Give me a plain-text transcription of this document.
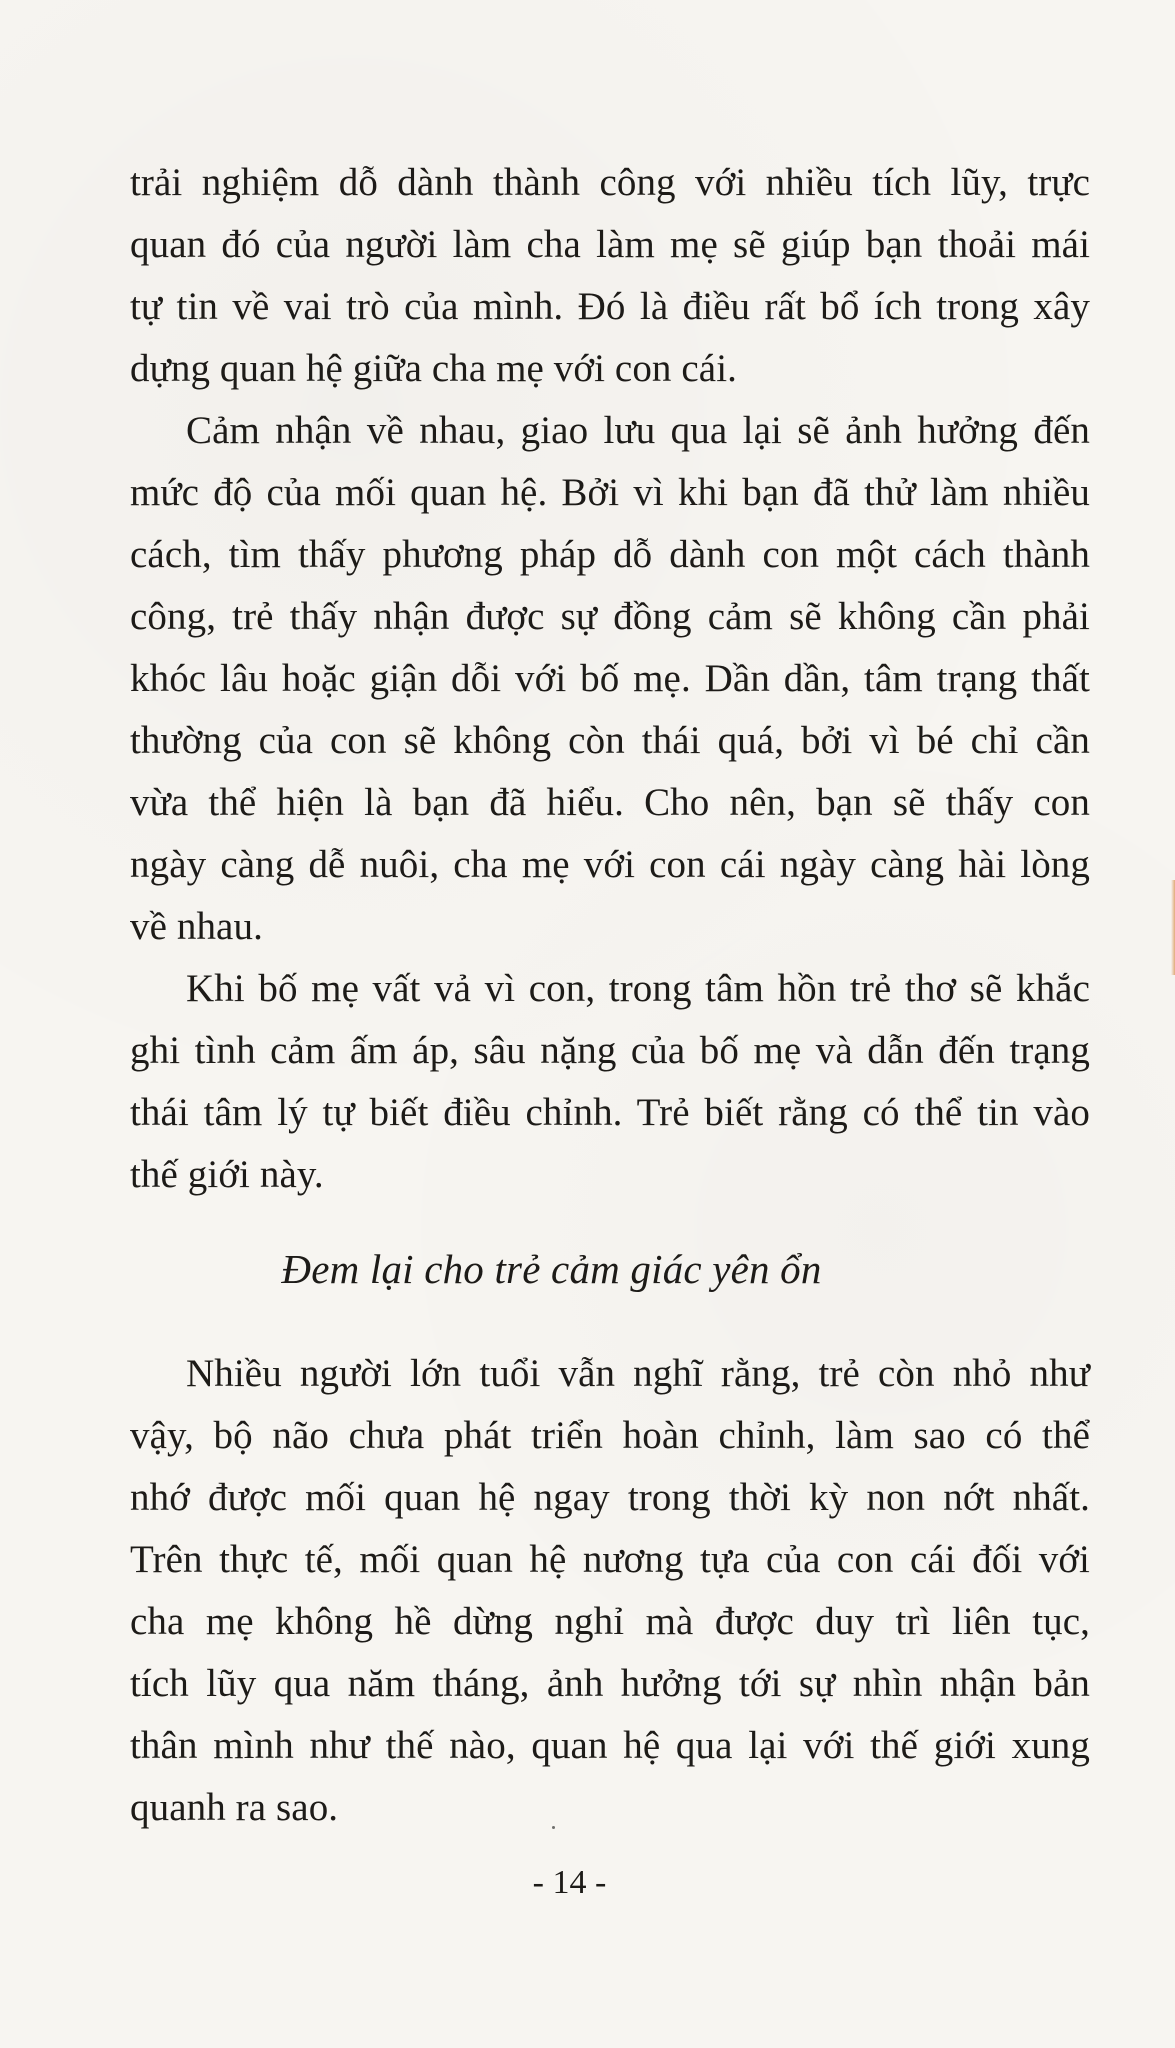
trải nghiệm dỗ dành thành công với nhiều tích lũy, trực
quan đó của người làm cha làm mẹ sẽ giúp bạn thoải mái
tự tin về vai trò của mình. Đó là điều rất bổ ích trong xây
dựng quan hệ giữa cha mẹ với con cái.
Cảm nhận về nhau, giao lưu qua lại sẽ ảnh hưởng đến
mức độ của mối quan hệ. Bởi vì khi bạn đã thử làm nhiều
cách, tìm thấy phương pháp dỗ dành con một cách thành
công, trẻ thấy nhận được sự đồng cảm sẽ không cần phải
khóc lâu hoặc giận dỗi với bố mẹ. Dần dần, tâm trạng thất
thường của con sẽ không còn thái quá, bởi vì bé chỉ cần
vừa thể hiện là bạn đã hiểu. Cho nên, bạn sẽ thấy con
ngày càng dễ nuôi, cha mẹ với con cái ngày càng hài lòng
về nhau.
Khi bố mẹ vất vả vì con, trong tâm hồn trẻ thơ sẽ khắc
ghi tình cảm ấm áp, sâu nặng của bố mẹ và dẫn đến trạng
thái tâm lý tự biết điều chỉnh. Trẻ biết rằng có thể tin vào
thế giới này.
Đem lại cho trẻ cảm giác yên ổn
Nhiều người lớn tuổi vẫn nghĩ rằng, trẻ còn nhỏ như
vậy, bộ não chưa phát triển hoàn chỉnh, làm sao có thể
nhớ được mối quan hệ ngay trong thời kỳ non nớt nhất.
Trên thực tế, mối quan hệ nương tựa của con cái đối với
cha mẹ không hề dừng nghỉ mà được duy trì liên tục,
tích lũy qua năm tháng, ảnh hưởng tới sự nhìn nhận bản
thân mình như thế nào, quan hệ qua lại với thế giới xung
quanh ra sao.
- 14 -
